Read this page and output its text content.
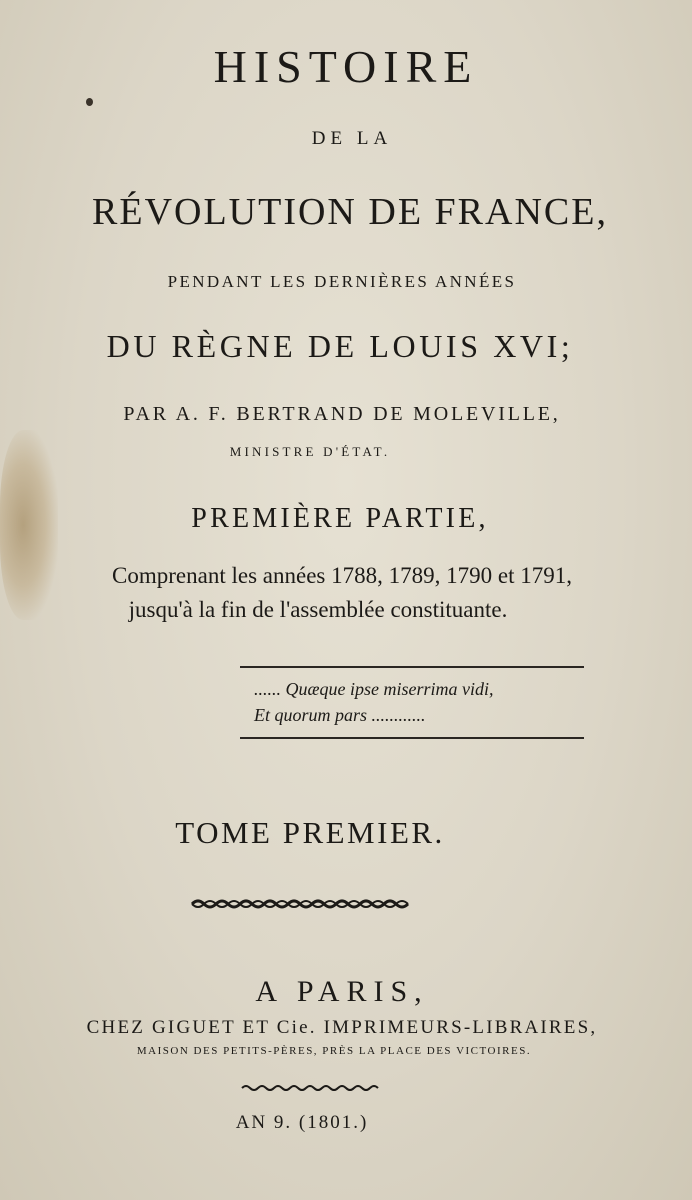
HISTOIRE
DE LA
RÉVOLUTION DE FRANCE,
PENDANT LES DERNIÈRES ANNÉES
DU RÈGNE DE LOUIS XVI;
PAR A. F. BERTRAND DE MOLEVILLE,
MINISTRE D'ÉTAT.
PREMIÈRE PARTIE,
Comprenant les années 1788, 1789, 1790 et 1791,
jusqu'à la fin de l'assemblée constituante.
...... Quæque ipse miserrima vidi,
Et quorum pars ............
TOME PREMIER.
A PARIS,
CHEZ GIGUET ET Cie. IMPRIMEURS-LIBRAIRES,
MAISON DES PETITS-PÈRES, PRÈS LA PLACE DES VICTOIRES.
AN 9. (1801.)
